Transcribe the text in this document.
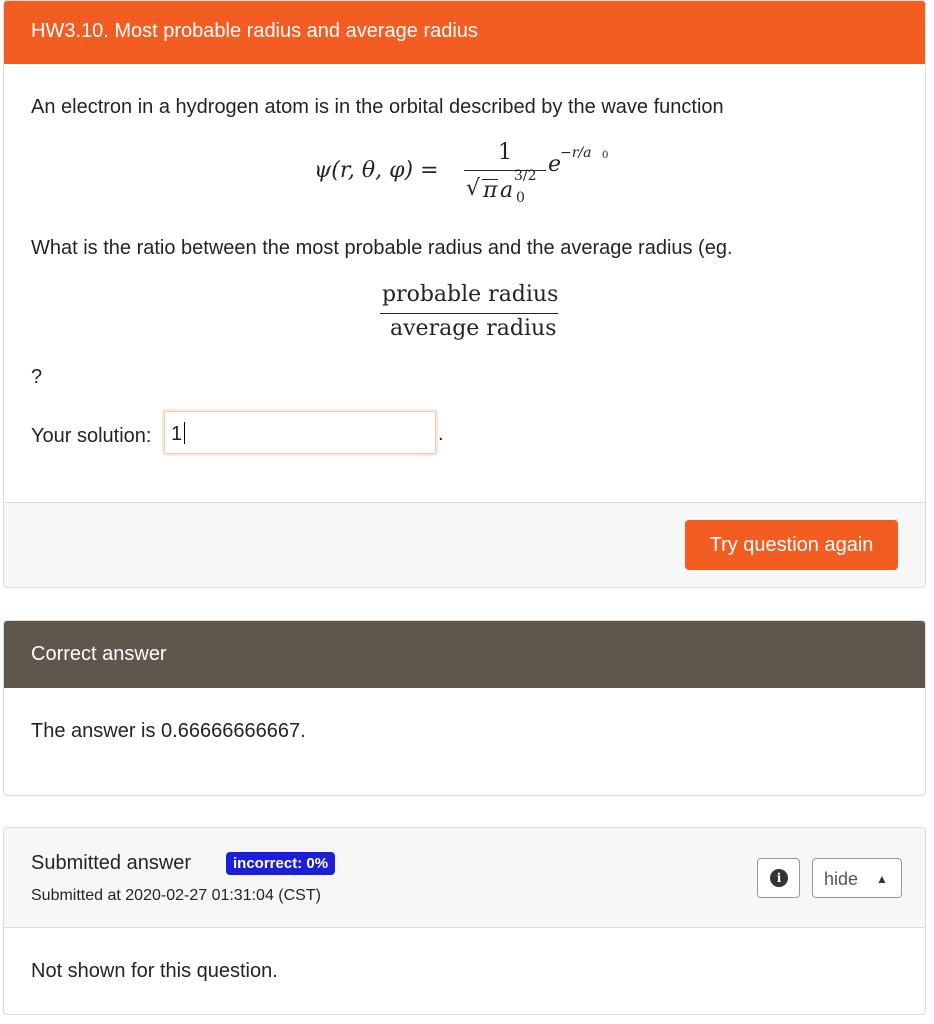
HW3.10. Most probable radius and average radius
An electron in a hydrogen atom is in the orbital described by the wave function
ψ(r, θ, φ) =
1
√ π a
3/2
0
e
−r/a 0
What is the ratio between the most probable radius and the average radius (eg.
probable radius
average radius
?
Your solution:
Try question again
1	.
Correct answer
The answer is 0.66666666667.
Submitted answer	incorrect: 0%
Submitted at 2020-02-27 01:31:04 (CST)
i	hide ▲
Not shown for this question.
